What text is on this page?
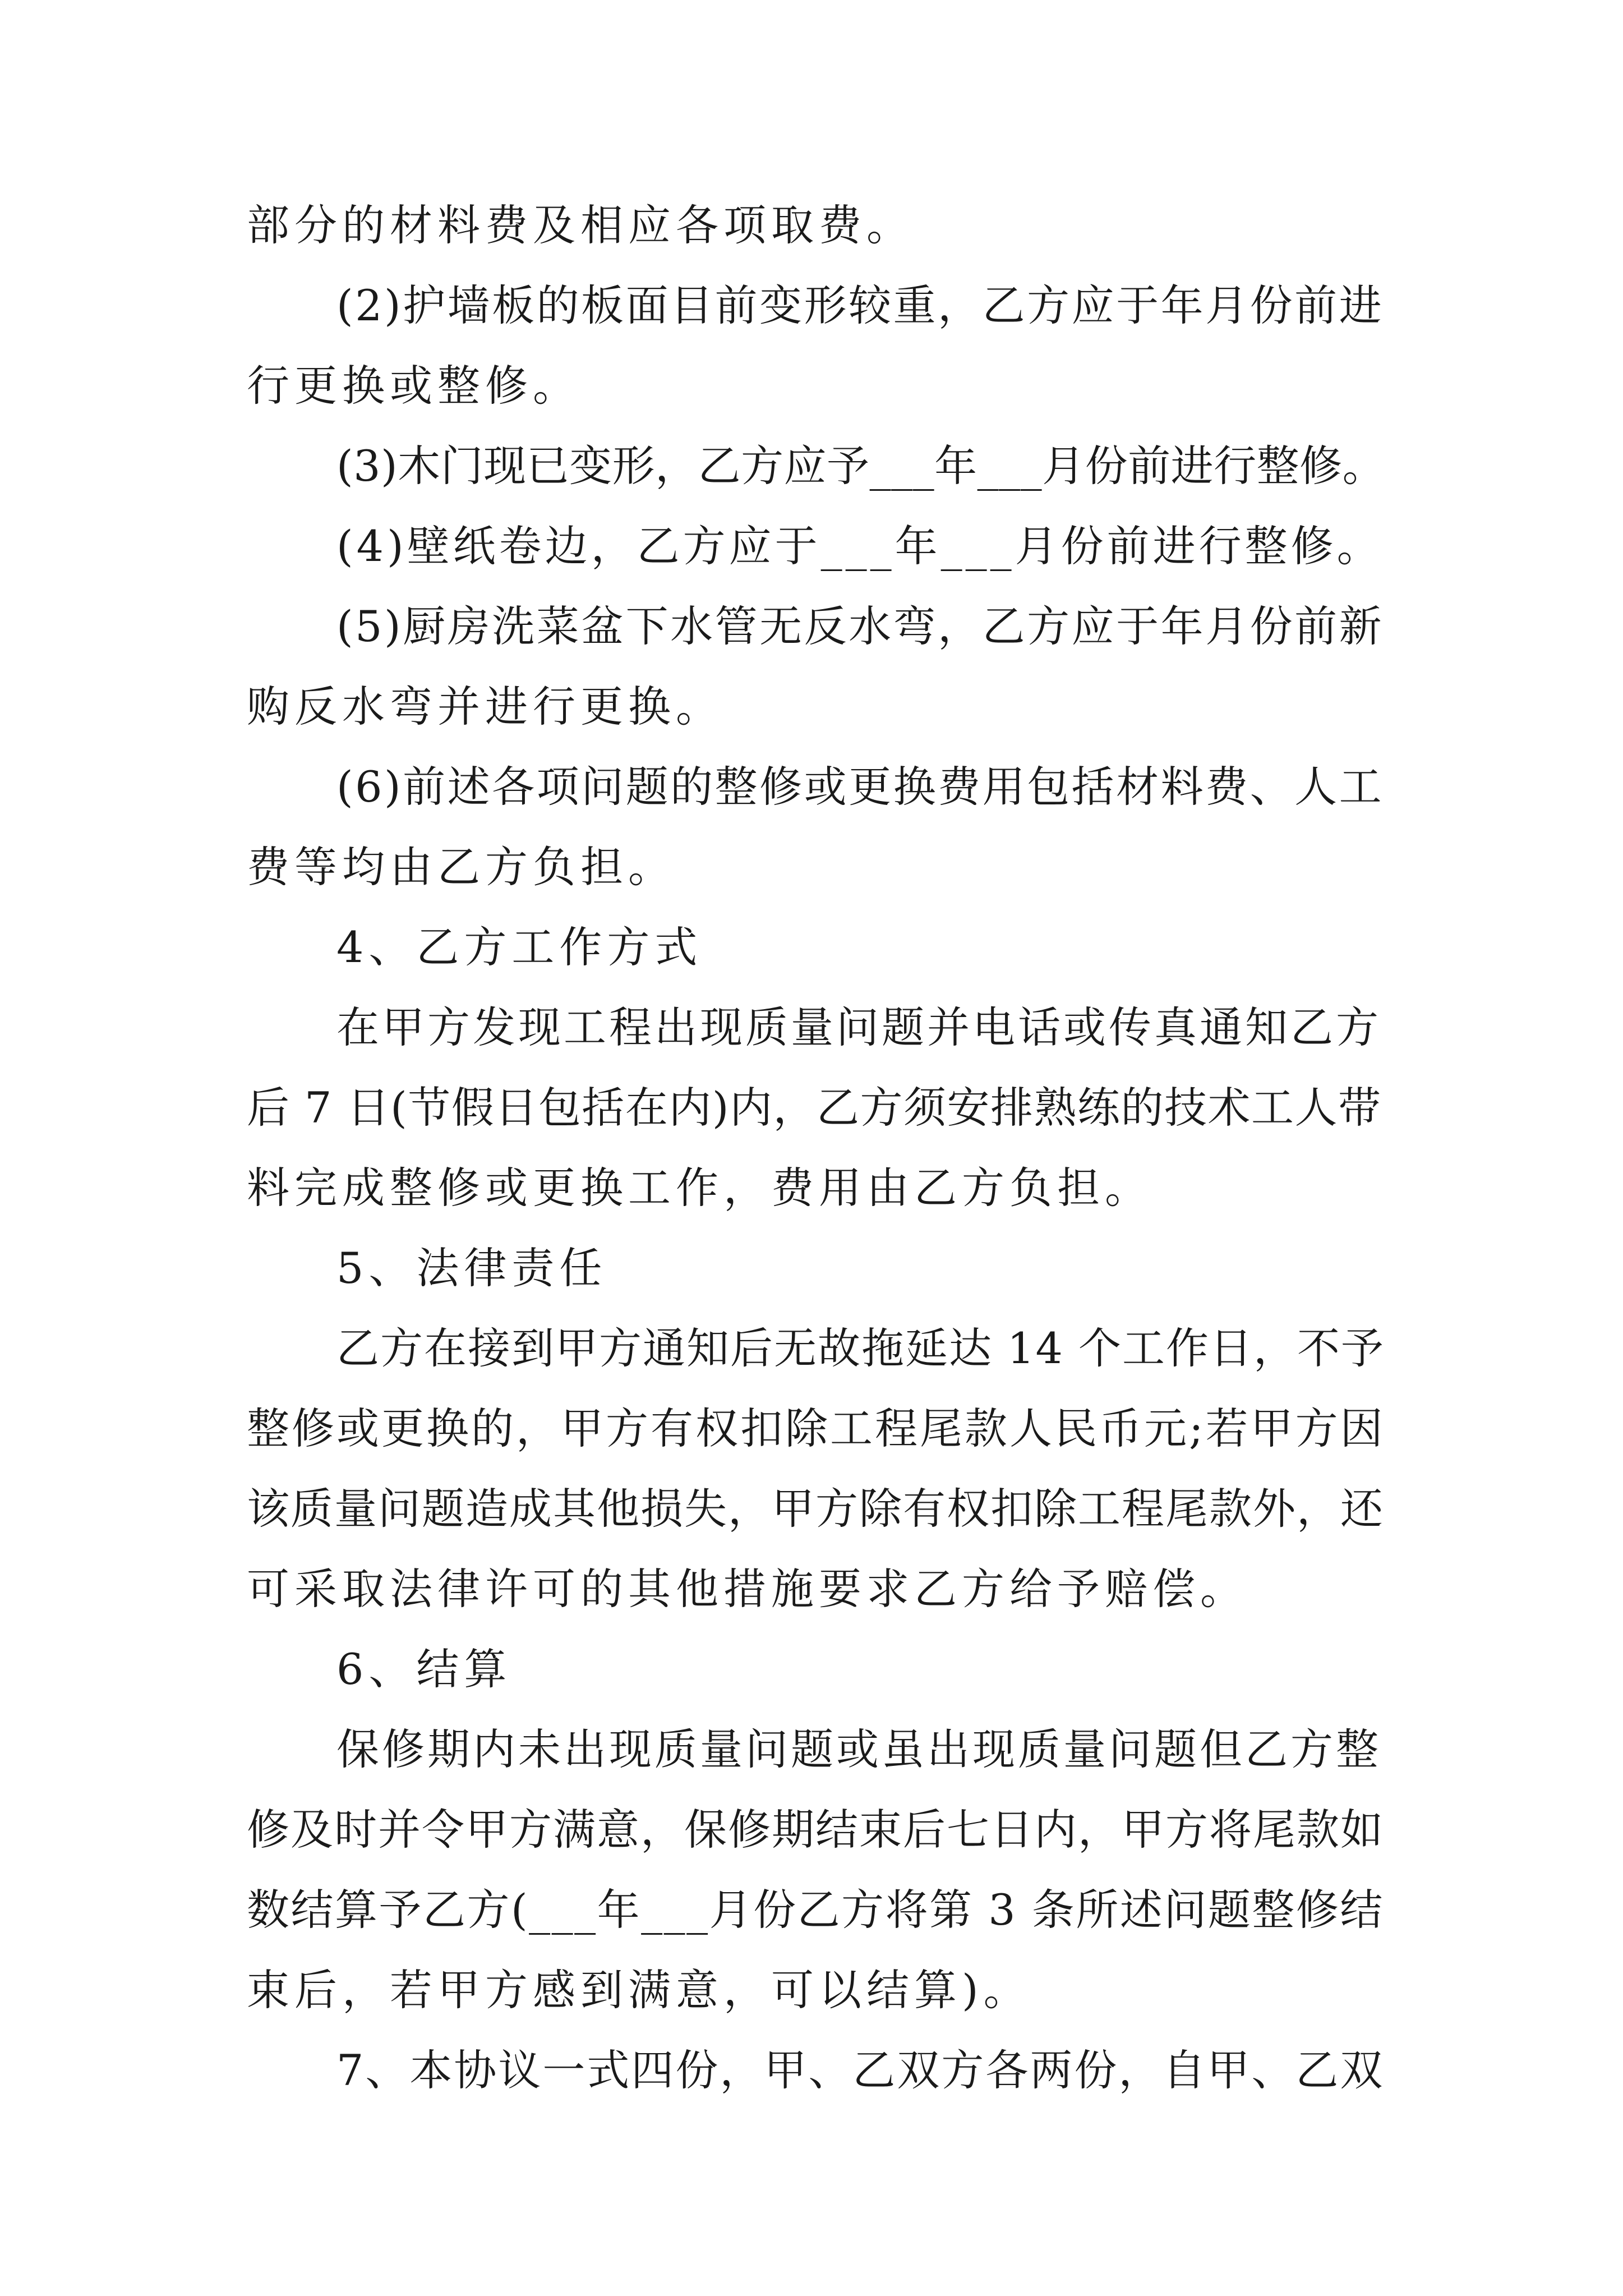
部分的材料费及相应各项取费。
(2)护墙板的板面目前变形较重，乙方应于年月份前进
行更换或整修。
(3)木门现已变形，乙方应予___年___月份前进行整修。
(4)壁纸卷边，乙方应于___年___月份前进行整修。
(5)厨房洗菜盆下水管无反水弯，乙方应于年月份前新
购反水弯并进行更换。
(6)前述各项问题的整修或更换费用包括材料费、人工
费等均由乙方负担。
4、乙方工作方式
在甲方发现工程出现质量问题并电话或传真通知乙方
后 7 日(节假日包括在内)内，乙方须安排熟练的技术工人带
料完成整修或更换工作，费用由乙方负担。
5、法律责任
乙方在接到甲方通知后无故拖延达 14 个工作日，不予
整修或更换的，甲方有权扣除工程尾款人民币元;若甲方因
该质量问题造成其他损失，甲方除有权扣除工程尾款外，还
可采取法律许可的其他措施要求乙方给予赔偿。
6、结算
保修期内未出现质量问题或虽出现质量问题但乙方整
修及时并令甲方满意，保修期结束后七日内，甲方将尾款如
数结算予乙方(___年___月份乙方将第 3 条所述问题整修结
束后，若甲方感到满意，可以结算)。
7、本协议一式四份，甲、乙双方各两份，自甲、乙双
